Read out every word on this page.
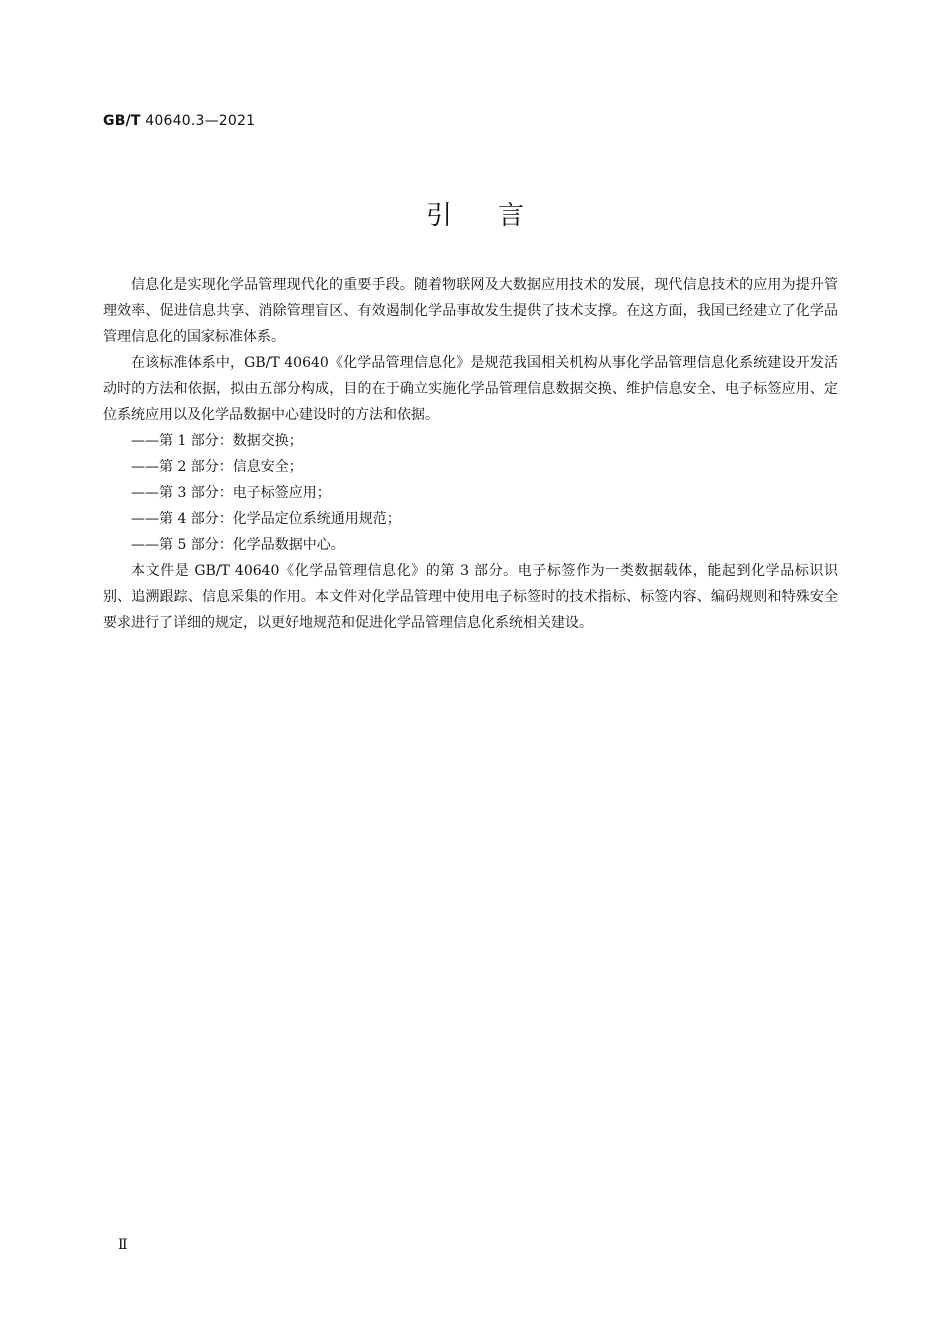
GB/T 40640.3—2021
引言

信息化是实现化学品管理现代化的重要手段。随着物联网及大数据应用技术的发展，现代信息技术的应用为提升管理效率、促进信息共享、消除管理盲区、有效遏制化学品事故发生提供了技术支撑。在这方面，我国已经建立了化学品管理信息化的国家标准体系。

在该标准体系中，GB/T 40640《化学品管理信息化》是规范我国相关机构从事化学品管理信息化系统建设开发活动时的方法和依据，拟由五部分构成，目的在于确立实施化学品管理信息数据交换、维护信息安全、电子标签应用、定位系统应用以及化学品数据中心建设时的方法和依据。

——第 1 部分：数据交换；

——第 2 部分：信息安全；

——第 3 部分：电子标签应用；

——第 4 部分：化学品定位系统通用规范；

——第 5 部分：化学品数据中心。

本文件是 GB/T 40640《化学品管理信息化》的第 3 部分。电子标签作为一类数据载体，能起到化学品标识识别、追溯跟踪、信息采集的作用。本文件对化学品管理中使用电子标签时的技术指标、标签内容、编码规则和特殊安全要求进行了详细的规定，以更好地规范和促进化学品管理信息化系统相关建设。

Ⅱ
